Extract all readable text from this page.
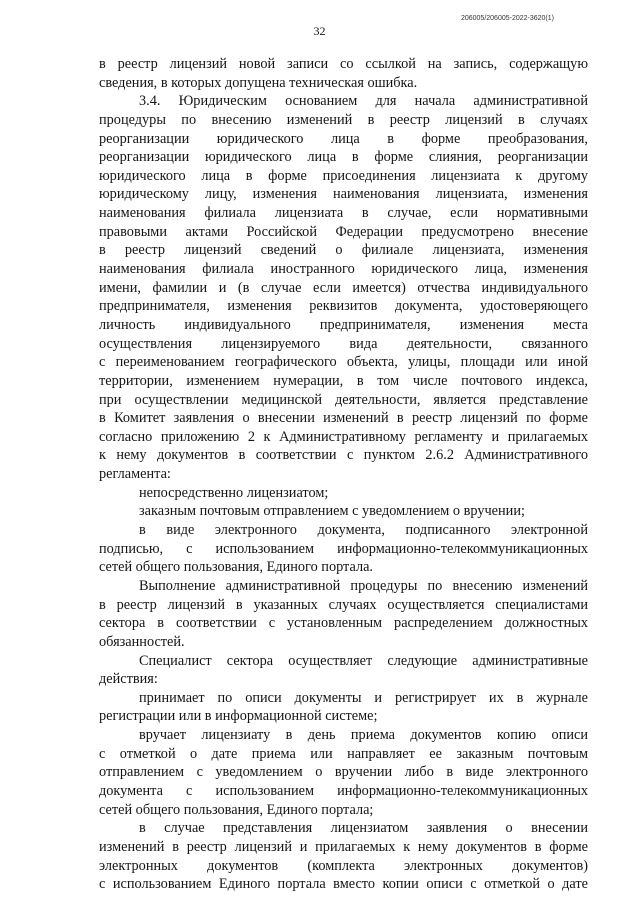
206005/206005-2022-3620(1)
32
в реестр лицензий новой записи со ссылкой на запись, содержащую
сведения, в которых допущена техническая ошибка.
3.4. Юридическим основанием для начала административной
процедуры по внесению изменений в реестр лицензий в случаях
реорганизации юридического лица в форме преобразования,
реорганизации юридического лица в форме слияния, реорганизации
юридического лица в форме присоединения лицензиата к другому
юридическому лицу, изменения наименования лицензиата, изменения
наименования филиала лицензиата в случае, если нормативными
правовыми актами Российской Федерации предусмотрено внесение
в реестр лицензий сведений о филиале лицензиата, изменения
наименования филиала иностранного юридического лица, изменения
имени, фамилии и (в случае если имеется) отчества индивидуального
предпринимателя, изменения реквизитов документа, удостоверяющего
личность индивидуального предпринимателя, изменения места
осуществления лицензируемого вида деятельности, связанного
с переименованием географического объекта, улицы, площади или иной
территории, изменением нумерации, в том числе почтового индекса,
при осуществлении медицинской деятельности, является представление
в Комитет заявления о внесении изменений в реестр лицензий по форме
согласно приложению 2 к Административному регламенту и прилагаемых
к нему документов в соответствии с пунктом 2.6.2 Административного
регламента:
непосредственно лицензиатом;
заказным почтовым отправлением с уведомлением о вручении;
в виде электронного документа, подписанного электронной
подписью, с использованием информационно-телекоммуникационных
сетей общего пользования, Единого портала.
Выполнение административной процедуры по внесению изменений
в реестр лицензий в указанных случаях осуществляется специалистами
сектора в соответствии с установленным распределением должностных
обязанностей.
Специалист сектора осуществляет следующие административные
действия:
принимает по описи документы и регистрирует их в журнале
регистрации или в информационной системе;
вручает лицензиату в день приема документов копию описи
с отметкой о дате приема или направляет ее заказным почтовым
отправлением с уведомлением о вручении либо в виде электронного
документа с использованием информационно-телекоммуникационных
сетей общего пользования, Единого портала;
в случае представления лицензиатом заявления о внесении
изменений в реестр лицензий и прилагаемых к нему документов в форме
электронных документов (комплекта электронных документов)
с использованием Единого портала вместо копии описи с отметкой о дате
